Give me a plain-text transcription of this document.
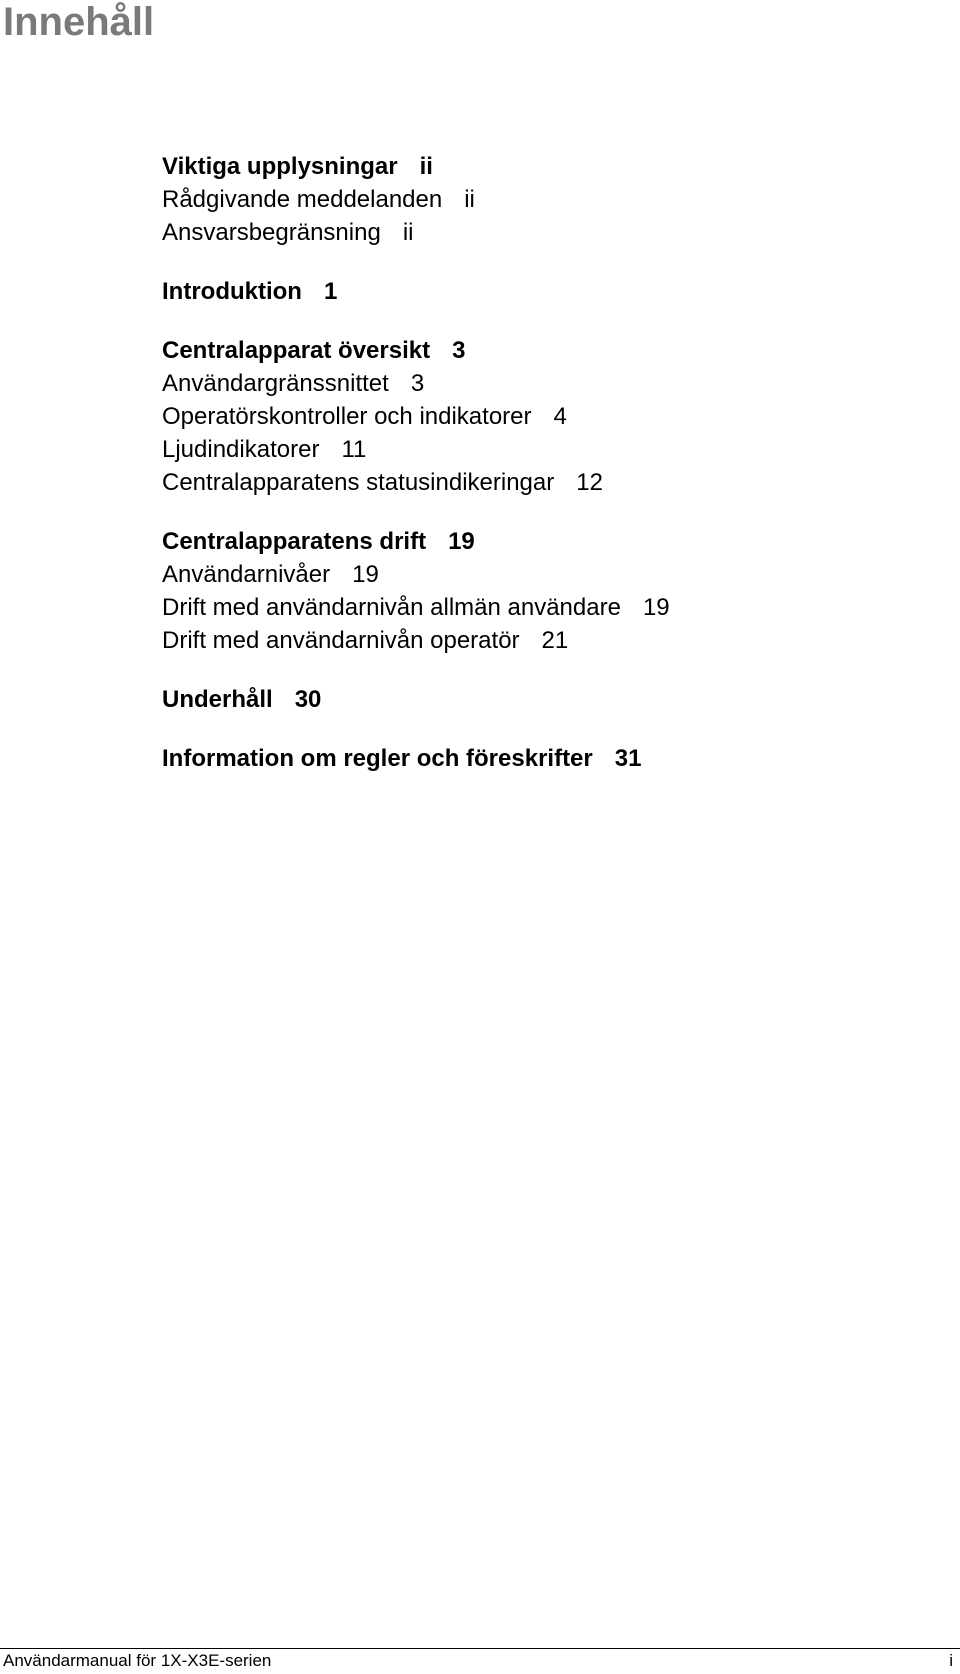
Innehåll
Viktiga upplysningar ii
Rådgivande meddelanden ii
Ansvarsbegränsning ii
Introduktion 1
Centralapparat översikt 3
Användargränssnittet 3
Operatörskontroller och indikatorer 4
Ljudindikatorer 11
Centralapparatens statusindikeringar 12
Centralapparatens drift 19
Användarnivåer 19
Drift med användarnivån allmän användare 19
Drift med användarnivån operatör 21
Underhåll 30
Information om regler och föreskrifter 31
Användarmanual för 1X-X3E-serien	i
